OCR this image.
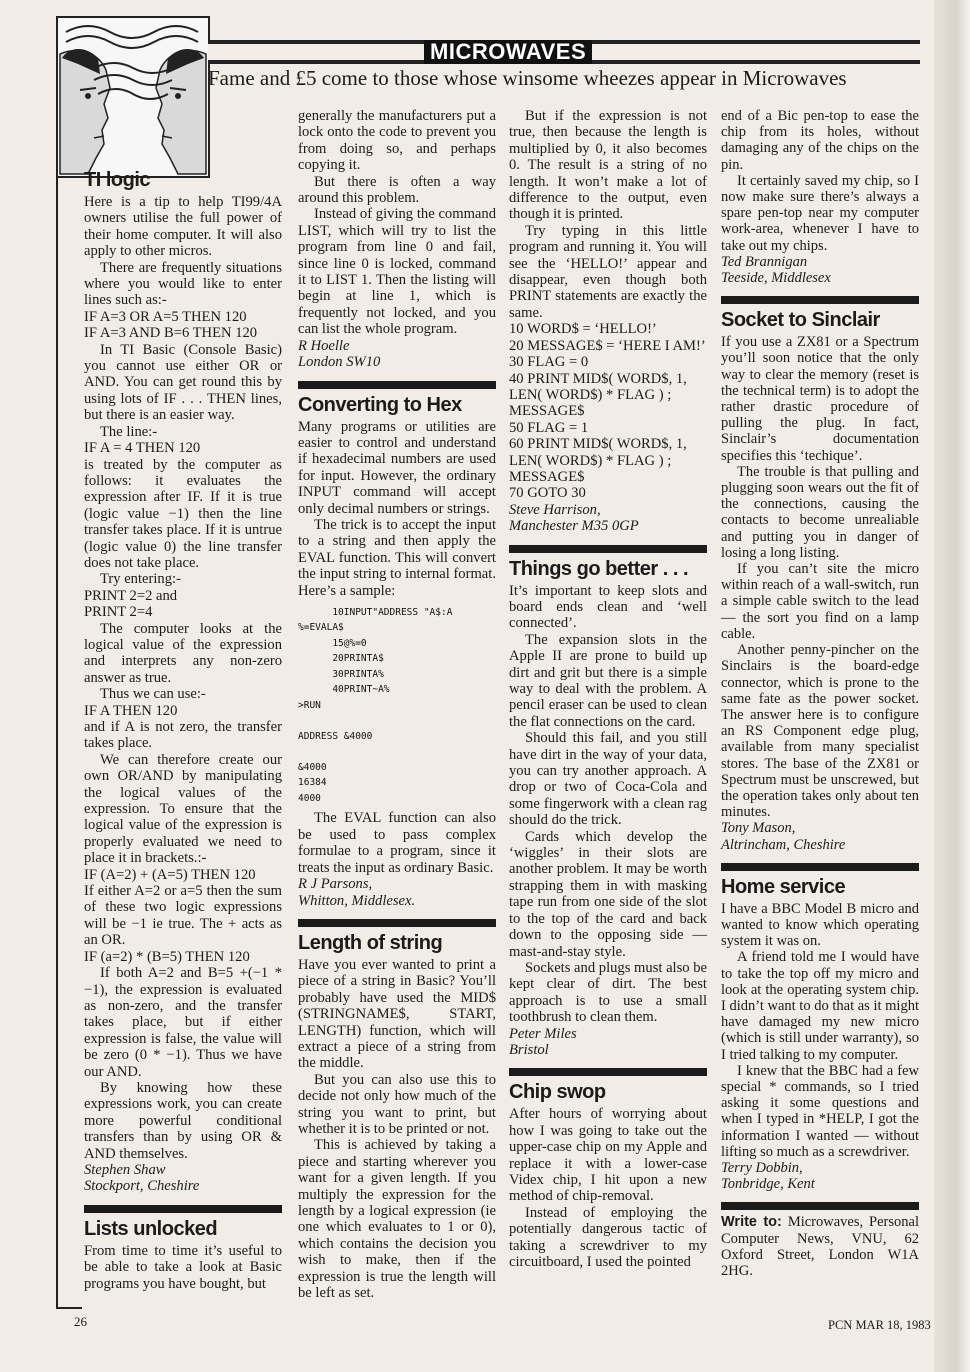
MICROWAVES
Fame and £5 come to those whose winsome wheezes appear in Microwaves
TI logic

Here is a tip to help TI99/4A owners utilise the full power of their home computer. It will also apply to other micros.

There are frequently situations where you would like to enter lines such as:-

IF A=3 OR A=5 THEN 120

IF A=3 AND B=6 THEN 120

In TI Basic (Console Basic) you cannot use either OR or AND. You can get round this by using lots of IF . . . THEN lines, but there is an easier way.

The line:-

IF A = 4 THEN 120

is treated by the computer as follows: it evaluates the expression after IF. If it is true (logic value −1) then the line transfer takes place. If it is untrue (logic value 0) the line transfer does not take place.

Try entering:-

PRINT 2=2 and

PRINT 2=4

The computer looks at the logical value of the expression and interprets any non-zero answer as true.

Thus we can use:-

IF A THEN 120

and if A is not zero, the transfer takes place.

We can therefore create our own OR/AND by manipulating the logical values of the expression. To ensure that the logical value of the expression is properly evaluated we need to place it in brackets.:-

IF (A=2) + (A=5) THEN 120

If either A=2 or a=5 then the sum of these two logic expressions will be −1 ie true. The + acts as an OR.

IF (a=2) * (B=5) THEN 120

If both A=2 and B=5 +(−1 * −1), the expression is evaluated as non-zero, and the transfer takes place, but if either expression is false, the value will be zero (0 * −1). Thus we have our AND.

By knowing how these expressions work, you can create more powerful conditional transfers than by using OR & AND themselves.

Stephen Shaw

Stockport, Cheshire

Lists unlocked

From time to time it’s useful to be able to take a look at Basic programs you have bought, but

generally the manufacturers put a lock onto the code to prevent you from doing so, and perhaps copying it.

But there is often a way around this problem.

Instead of giving the command LIST, which will try to list the program from line 0 and fail, since line 0 is locked, command it to LIST 1. Then the listing will begin at line 1, which is frequently not locked, and you can list the whole program.

R Hoelle

London SW10

Converting to Hex

Many programs or utilities are easier to control and understand if hexadecimal numbers are used for input. However, the ordinary INPUT command will accept only decimal numbers or strings.

The trick is to accept the input to a string and then apply the EVAL function. This will convert the input string to internal format. Here’s a sample:

10INPUT"ADDRESS "A$:A
%=EVALA$
15@%=0
20PRINTA$
30PRINTA%
40PRINT~A%
>RUN

ADDRESS &4000

&4000
16384
4000

The EVAL function can also be used to pass complex formulae to a program, since it treats the input as ordinary Basic.

R J Parsons,

Whitton, Middlesex.

Length of string

Have you ever wanted to print a piece of a string in Basic? You’ll probably have used the MID$ (STRINGNAME$, START, LENGTH) function, which will extract a piece of a string from the middle.

But you can also use this to decide not only how much of the string you want to print, but whether it is to be printed or not.

This is achieved by taking a piece and starting wherever you want for a given length. If you multiply the expression for the length by a logical expression (ie one which evaluates to 1 or 0), which contains the decision you wish to make, then if the expression is true the length will be left as set.

But if the expression is not true, then because the length is multiplied by 0, it also becomes 0. The result is a string of no length. It won’t make a lot of difference to the output, even though it is printed.

Try typing in this little program and running it. You will see the ‘HELLO!’ appear and disappear, even though both PRINT statements are exactly the same.

10 WORD$ = ‘HELLO!’

20 MESSAGE$ = ‘HERE I AM!’

30 FLAG = 0

40 PRINT MID$( WORD$, 1, LEN( WORD$) * FLAG ) ; MESSAGE$

50 FLAG = 1

60 PRINT MID$( WORD$, 1, LEN( WORD$) * FLAG ) ; MESSAGE$

70 GOTO 30

Steve Harrison,

Manchester M35 0GP

Things go better . . .

It’s important to keep slots and board ends clean and ‘well connected’.

The expansion slots in the Apple II are prone to build up dirt and grit but there is a simple way to deal with the problem. A pencil eraser can be used to clean the flat connections on the card.

Should this fail, and you still have dirt in the way of your data, you can try another approach. A drop or two of Coca-Cola and some fingerwork with a clean rag should do the trick.

Cards which develop the ‘wiggles’ in their slots are another problem. It may be worth strapping them in with masking tape run from one side of the slot to the top of the card and back down to the opposing side — mast-and-stay style.

Sockets and plugs must also be kept clear of dirt. The best approach is to use a small toothbrush to clean them.

Peter Miles

Bristol

Chip swop

After hours of worrying about how I was going to take out the upper-case chip on my Apple and replace it with a lower-case Videx chip, I hit upon a new method of chip-removal.

Instead of employing the potentially dangerous tactic of taking a screwdriver to my circuitboard, I used the pointed

end of a Bic pen-top to ease the chip from its holes, without damaging any of the chips on the pin.

It certainly saved my chip, so I now make sure there’s always a spare pen-top near my computer work-area, whenever I have to take out my chips.

Ted Brannigan

Teeside, Middlesex

Socket to Sinclair

If you use a ZX81 or a Spectrum you’ll soon notice that the only way to clear the memory (reset is the technical term) is to adopt the rather drastic procedure of pulling the plug. In fact, Sinclair’s documentation specifies this ‘techique’.

The trouble is that pulling and plugging soon wears out the fit of the connections, causing the contacts to become unrealiable and putting you in danger of losing a long listing.

If you can’t site the micro within reach of a wall-switch, run a simple cable switch to the lead — the sort you find on a lamp cable.

Another penny-pincher on the Sinclairs is the board-edge connector, which is prone to the same fate as the power socket. The answer here is to configure an RS Component edge plug, available from many specialist stores. The base of the ZX81 or Spectrum must be unscrewed, but the operation takes only about ten minutes.

Tony Mason,

Altrincham, Cheshire

Home service

I have a BBC Model B micro and wanted to know which operating system it was on.

A friend told me I would have to take the top off my micro and look at the operating system chip. I didn’t want to do that as it might have damaged my new micro (which is still under warranty), so I tried talking to my computer.

I knew that the BBC had a few special * commands, so I tried asking it some questions and when I typed in *HELP, I got the information I wanted — without lifting so much as a screwdriver.

Terry Dobbin,

Tonbridge, Kent

Write to: Microwaves, Personal Computer News, VNU, 62 Oxford Street, London W1A 2HG.

26	PCN MAR 18, 1983
